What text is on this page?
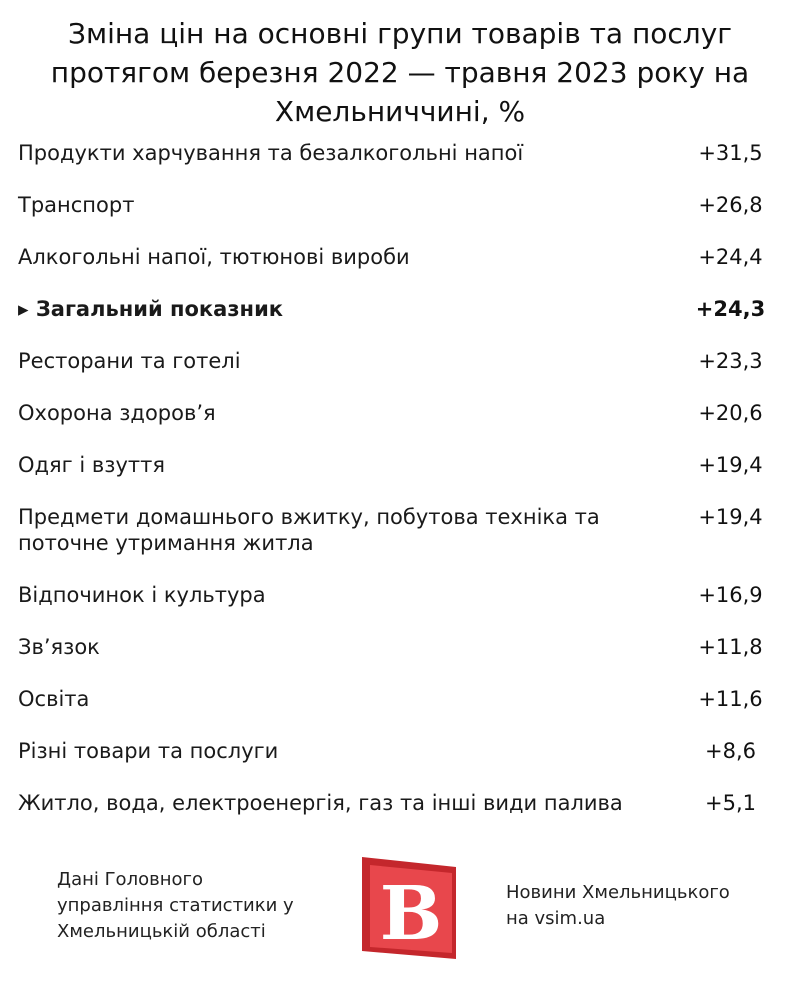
Зміна цін на основні групи товарів та послуг
протягом березня 2022 — травня 2023 року на
Хмельниччині, %
Продукти харчування та безалкогольні напої	+31,5
Транспорт	+26,8
Алкогольні напої, тютюнові вироби	+24,4
▸ Загальний показник	+24,3
Ресторани та готелі	+23,3
Охорона здоров’я	+20,6
Одяг і взуття	+19,4
Предмети домашнього вжитку, побутова техніка та
поточне утримання житла
+19,4
Відпочинок і культура	+16,9
Зв’язок	+11,8
Освіта	+11,6
Різні товари та послуги	+8,6
Житло, вода, електроенергія, газ та інші види палива	+5,1
Дані Головного
управління статистики у
Хмельницькій області	B	Новини Хмельницького
на vsim.ua
